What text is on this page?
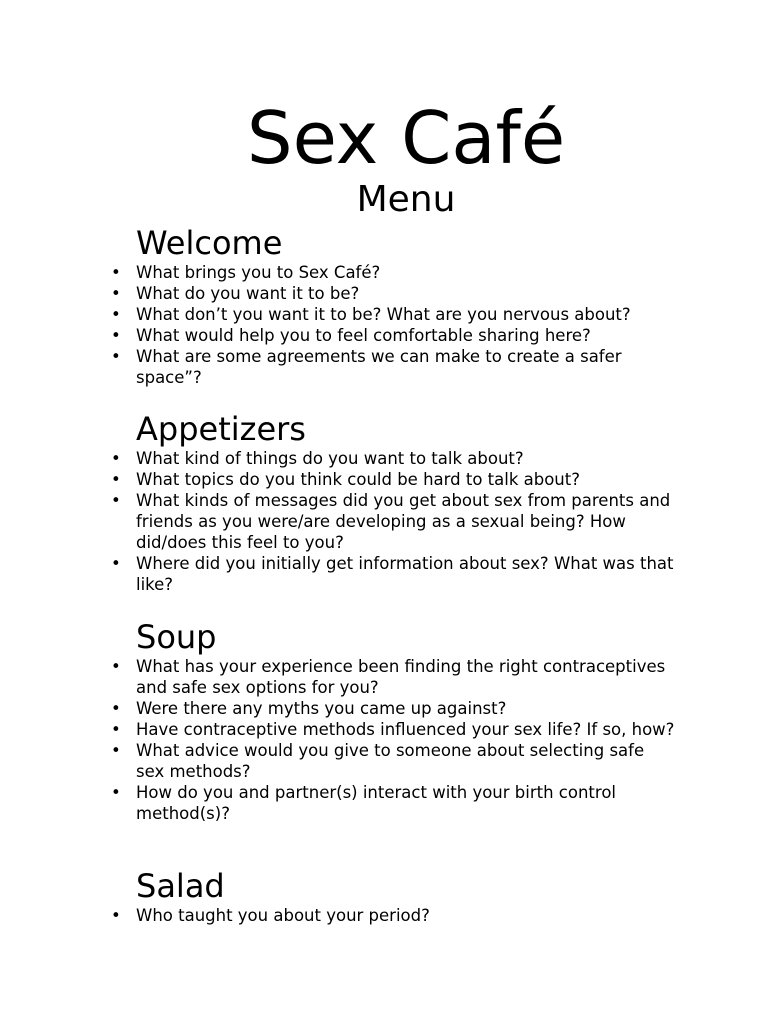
Sex Café
Menu
Welcome
• What brings you to Sex Café?
• What do you want it to be?
• What don’t you want it to be? What are you nervous about?
• What would help you to feel comfortable sharing here?
• What are some agreements we can make to create a safer space”?
Appetizers
• What kind of things do you want to talk about?
• What topics do you think could be hard to talk about?
• What kinds of messages did you get about sex from parents and friends as you were/are developing as a sexual being? How did/does this feel to you?
• Where did you initially get information about sex? What was that like?
Soup
• What has your experience been finding the right contraceptives and safe sex options for you?
• Were there any myths you came up against?
• Have contraceptive methods influenced your sex life? If so, how?
• What advice would you give to someone about selecting safe sex methods?
• How do you and partner(s) interact with your birth control method(s)?
Salad
• Who taught you about your period?
